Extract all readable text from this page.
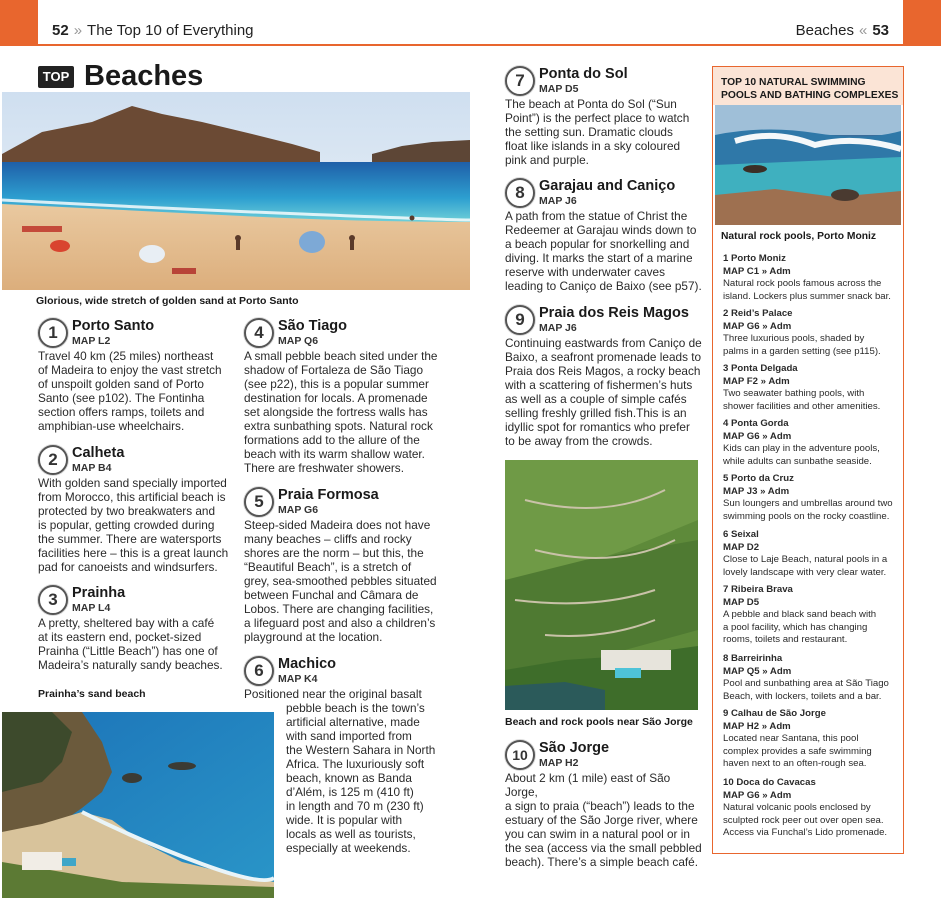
52 » The Top 10 of Everything	Beaches « 53
TOP Beaches
Glorious, wide stretch of golden sand at Porto Santo
1 Porto Santo
MAP L2
Travel 40 km (25 miles) northeast
of Madeira to enjoy the vast stretch
of unspoilt golden sand of Porto
Santo (see p102). The Fontinha
section offers ramps, toilets and
amphibian-use wheelchairs.
2 Calheta
MAP B4
With golden sand specially imported
from Morocco, this artificial beach is
protected by two breakwaters and
is popular, getting crowded during
the summer. There are watersports
facilities here – this is a great launch
pad for canoeists and windsurfers.
3 Prainha
MAP L4
A pretty, sheltered bay with a café
at its eastern end, pocket-sized
Prainha (“Little Beach”) has one of
Madeira’s naturally sandy beaches.
Prainha’s sand beach
4 São Tiago
MAP Q6
A small pebble beach sited under the
shadow of Fortaleza de São Tiago
(see p22), this is a popular summer
destination for locals. A promenade
set alongside the fortress walls has
extra sunbathing spots. Natural rock
formations add to the allure of the
beach with its warm shallow water.
There are freshwater showers.
5 Praia Formosa
MAP G6
Steep-sided Madeira does not have
many beaches – cliffs and rocky
shores are the norm – but this, the
“Beautiful Beach”, is a stretch of
grey, sea-smoothed pebbles situated
between Funchal and Câmara de
Lobos. There are changing facilities,
a lifeguard post and also a children’s
playground at the location.
6 Machico
MAP K4
Positioned near the original basalt
pebble beach is the town’s
artificial alternative, made
with sand imported from
the Western Sahara in North
Africa. The luxuriously soft
beach, known as Banda
d’Além, is 125 m (410 ft)
in length and 70 m (230 ft)
wide. It is popular with
locals as well as tourists,
especially at weekends.
7 Ponta do Sol
MAP D5
The beach at Ponta do Sol (“Sun
Point”) is the perfect place to watch
the setting sun. Dramatic clouds
float like islands in a sky coloured
pink and purple.
8 Garajau and Caniço
MAP J6
A path from the statue of Christ the
Redeemer at Garajau winds down to
a beach popular for snorkelling and
diving. It marks the start of a marine
reserve with underwater caves
leading to Caniço de Baixo (see p57).
9 Praia dos Reis Magos
MAP J6
Continuing eastwards from Caniço de
Baixo, a seafront promenade leads to
Praia dos Reis Magos, a rocky beach
with a scattering of fishermen’s huts
as well as a couple of simple cafés
selling freshly grilled fish.This is an
idyllic spot for romantics who prefer
to be away from the crowds.
Beach and rock pools near São Jorge
10 São Jorge
MAP H2
About 2 km (1 mile) east of São Jorge,
a sign to praia (“beach”) leads to the
estuary of the São Jorge river, where
you can swim in a natural pool or in
the sea (access via the small pebbled
beach). There’s a simple beach café.
TOP 10 NATURAL SWIMMING
POOLS AND BATHING COMPLEXES
Natural rock pools, Porto Moniz
1 Porto Moniz
MAP C1 » Adm
Natural rock pools famous across the
island. Lockers plus summer snack bar.
2 Reid’s Palace
MAP G6 » Adm
Three luxurious pools, shaded by
palms in a garden setting (see p115).
3 Ponta Delgada
MAP F2 » Adm
Two seawater bathing pools, with
shower facilities and other amenities.
4 Ponta Gorda
MAP G6 » Adm
Kids can play in the adventure pools,
while adults can sunbathe seaside.
5 Porto da Cruz
MAP J3 » Adm
Sun loungers and umbrellas around two
swimming pools on the rocky coastline.
6 Seixal
MAP D2
Close to Laje Beach, natural pools in a
lovely landscape with very clear water.
7 Ribeira Brava
MAP D5
A pebble and black sand beach with
a pool facility, which has changing
rooms, toilets and restaurant.
8 Barreirinha
MAP Q5 » Adm
Pool and sunbathing area at São Tiago
Beach, with lockers, toilets and a bar.
9 Calhau de São Jorge
MAP H2 » Adm
Located near Santana, this pool
complex provides a safe swimming
haven next to an often-rough sea.
10 Doca do Cavacas
MAP G6 » Adm
Natural volcanic pools enclosed by
sculpted rock peer out over open sea.
Access via Funchal’s Lido promenade.
